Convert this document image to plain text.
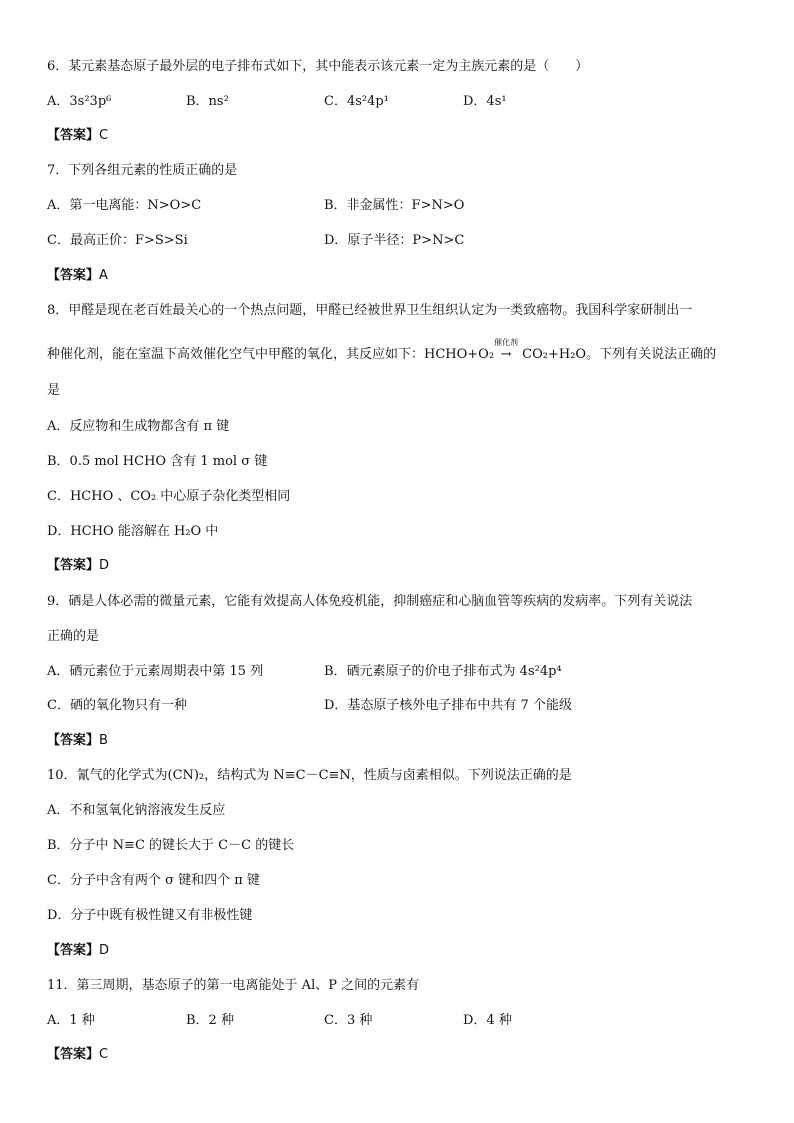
6．某元素基态原子最外层的电子排布式如下，其中能表示该元素一定为主族元素的是（　　）
A．3s²3p⁶	B．ns²	C．4s²4p¹	D．4s¹
【答案】C
7．下列各组元素的性质正确的是
A．第一电离能：N>O>C	B．非金属性：F>N>O
C．最高正价：F>S>Si	D．原子半径：P>N>C
【答案】A
8．甲醛是现在老百姓最关心的一个热点问题，甲醛已经被世界卫生组织认定为一类致癌物。我国科学家研制出一
种催化剂，能在室温下高效催化空气中甲醛的氧化，其反应如下：HCHO+O₂
催化剂
→ CO₂+H₂O。下列有关说法正确的
是
A．反应物和生成物都含有 π 键
B．0.5 mol HCHO 含有 1 mol σ 键
C．HCHO 、CO₂ 中心原子杂化类型相同
D．HCHO 能溶解在 H₂O 中
【答案】D
9．硒是人体必需的微量元素，它能有效提高人体免疫机能，抑制癌症和心脑血管等疾病的发病率。下列有关说法
正确的是
A．硒元素位于元素周期表中第 15 列	B．硒元素原子的价电子排布式为 4s²4p⁴
C．硒的氧化物只有一种	D．基态原子核外电子排布中共有 7 个能级
【答案】B
10．氰气的化学式为(CN)₂，结构式为 N≡C－C≡N，性质与卤素相似。下列说法正确的是
A．不和氢氧化钠溶液发生反应
B．分子中 N≡C 的键长大于 C－C 的键长
C．分子中含有两个 σ 键和四个 π 键
D．分子中既有极性键又有非极性键
【答案】D
11．第三周期，基态原子的第一电离能处于 Al、P 之间的元素有
A．1 种	B．2 种	C．3 种	D．4 种
【答案】C
